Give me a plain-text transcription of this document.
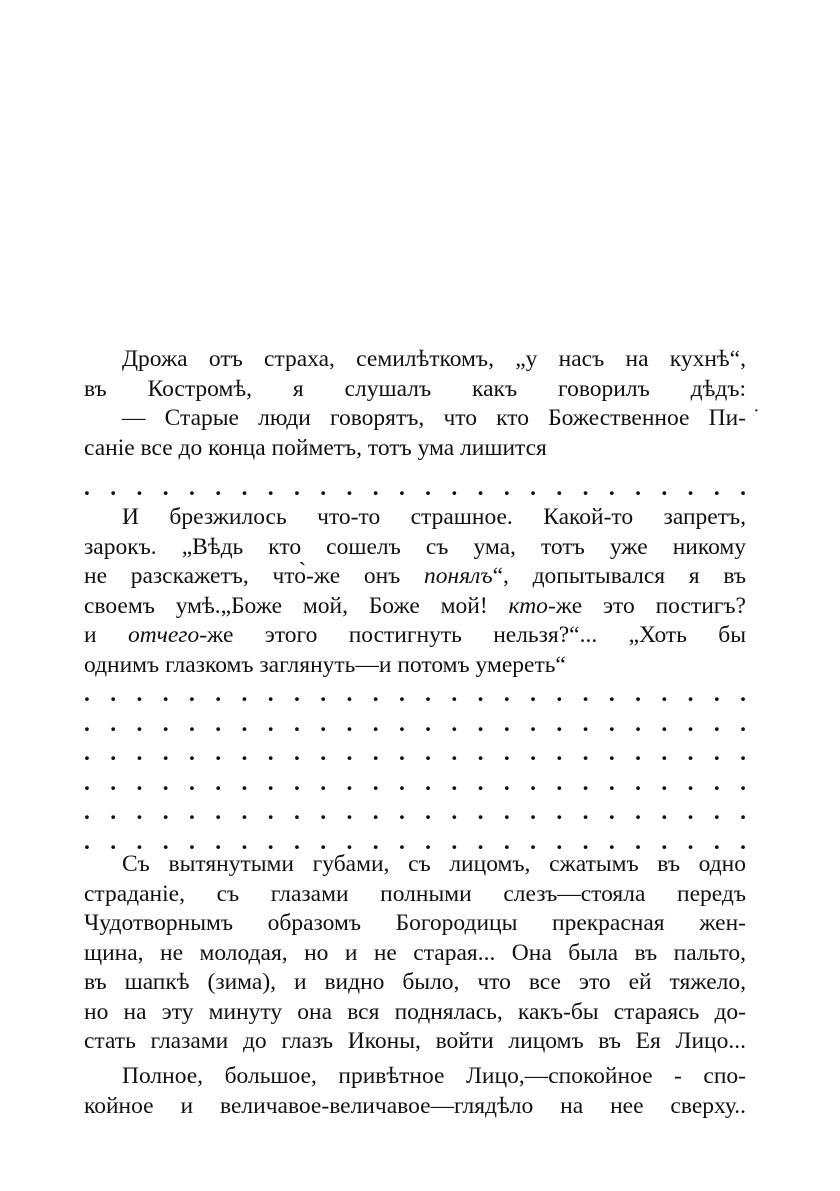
Дрожа отъ страха, семилѣткомъ, „у насъ на кухнѣ“,
въ Костромѣ, я слушалъ какъ говорилъ дѣдъ:
— Старые люди говорятъ, что кто Божественное Пи-
санiе все до конца пойметъ, тотъ ума лишится
. . . . . . . . . . . . . . . . . . . . . . . . . .
И брезжилось что-то страшное. Какой-то запретъ,
зарокъ. „Вѣдь кто сошелъ съ ума, тотъ уже никому
не разскажетъ, что̀-же онъ понялъ“, допытывался я въ
своемъ умѣ.„Боже мой, Боже мой! кто-же это постигъ?
и отчего-же этого постигнуть нельзя?“... „Хоть бы
однимъ глазкомъ заглянуть—и потомъ умереть“
. . . . . . . . . . . . . . . . . . . . . . . . . .
. . . . . . . . . . . . . . . . . . . . . . . . . .
. . . . . . . . . . . . . . . . . . . . . . . . . .
. . . . . . . . . . . . . . . . . . . . . . . . . .
. . . . . . . . . . . . . . . . . . . . . . . . . .
. . . . . . . . . . . . . . . . . . . . . . . . . .
Съ вытянутыми губами, съ лицомъ, сжатымъ въ одно
страданiе, съ глазами полными слезъ—стояла передъ
Чудотворнымъ образомъ Богородицы прекрасная жен-
щина, не молодая, но и не старая... Она была въ пальто,
въ шапкѣ (зима), и видно было, что все это ей тяжело,
но на эту минуту она вся поднялась, какъ-бы стараясь до-
стать глазами до глазъ Иконы, войти лицомъ въ Ея Лицо...
Полное, большое, привѣтное Лицо,—спокойное - спо-
койное и величавое-величавое—глядѣло на нее сверху..
·
